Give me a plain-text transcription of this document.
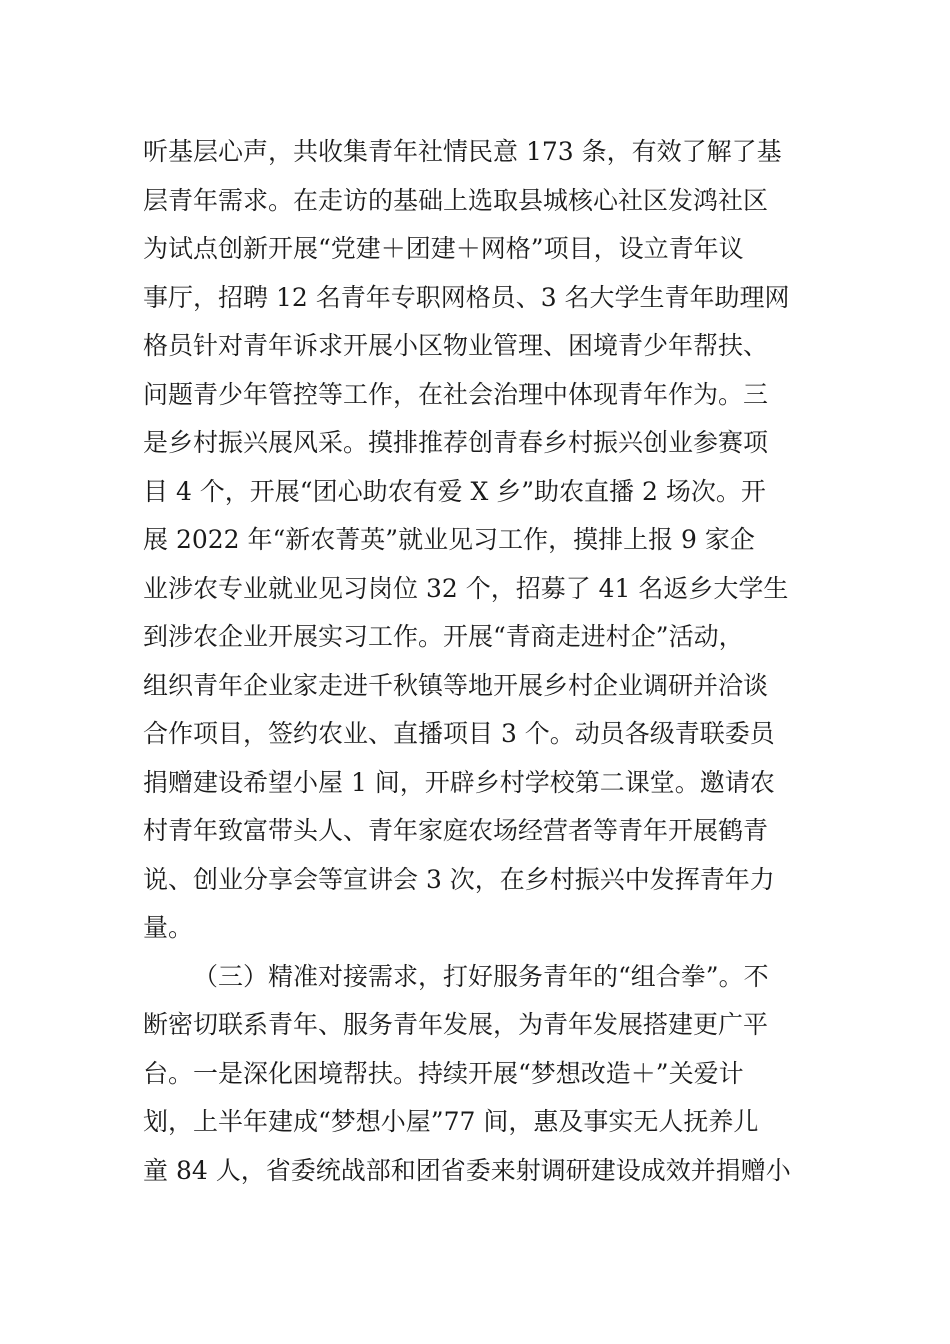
听基层心声，共收集青年社情民意 173 条，有效了解了基
层青年需求。在走访的基础上选取县城核心社区发鸿社区
为试点创新开展“党建＋团建＋网格”项目，设立青年议
事厅，招聘 12 名青年专职网格员、3 名大学生青年助理网
格员针对青年诉求开展小区物业管理、困境青少年帮扶、
问题青少年管控等工作，在社会治理中体现青年作为。三
是乡村振兴展风采。摸排推荐创青春乡村振兴创业参赛项
目 4 个，开展“团心助农有爱 X 乡”助农直播 2 场次。开
展 2022 年“新农菁英”就业见习工作，摸排上报 9 家企
业涉农专业就业见习岗位 32 个，招募了 41 名返乡大学生
到涉农企业开展实习工作。开展“青商走进村企”活动，
组织青年企业家走进千秋镇等地开展乡村企业调研并洽谈
合作项目，签约农业、直播项目 3 个。动员各级青联委员
捐赠建设希望小屋 1 间，开辟乡村学校第二课堂。邀请农
村青年致富带头人、青年家庭农场经营者等青年开展鹤青
说、创业分享会等宣讲会 3 次，在乡村振兴中发挥青年力
量。
（三）精准对接需求，打好服务青年的“组合拳”。不
断密切联系青年、服务青年发展，为青年发展搭建更广平
台。一是深化困境帮扶。持续开展“梦想改造＋”关爱计
划，上半年建成“梦想小屋”77 间，惠及事实无人抚养儿
童 84 人，省委统战部和团省委来射调研建设成效并捐赠小
